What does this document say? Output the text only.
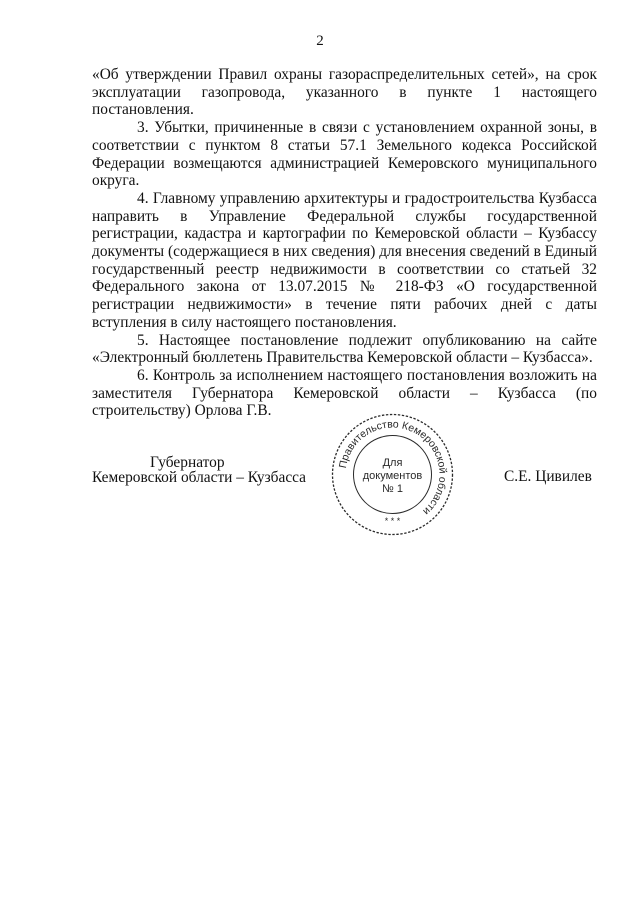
2

«Об утверждении Правил охраны газораспределительных сетей», на срок эксплуатации газопровода, указанного в пункте 1 настоящего постановления.

3. Убытки, причиненные в связи с установлением охранной зоны, в соответствии с пунктом 8 статьи 57.1 Земельного кодекса Российской Федерации возмещаются администрацией Кемеровского муниципального округа.

4. Главному управлению архитектуры и градостроительства Кузбасса направить в Управление Федеральной службы государственной регистрации, кадастра и картографии по Кемеровской области – Кузбассу документы (содержащиеся в них сведения) для внесения сведений в Единый государственный реестр недвижимости в соответствии со статьей 32 Федерального закона от 13.07.2015 № 218-ФЗ «О государственной регистрации недвижимости» в течение пяти рабочих дней с даты вступления в силу настоящего постановления.

5. Настоящее постановление подлежит опубликованию на сайте «Электронный бюллетень Правительства Кемеровской области – Кузбасса».

6. Контроль за исполнением настоящего постановления возложить на заместителя Губернатора Кемеровской области – Кузбасса (по строительству) Орлова Г.В.

Губернатор
Кемеровской области – Кузбасса
Правительство Кемеровской области
* * *
Для
документов
№ 1
С.Е. Цивилев
